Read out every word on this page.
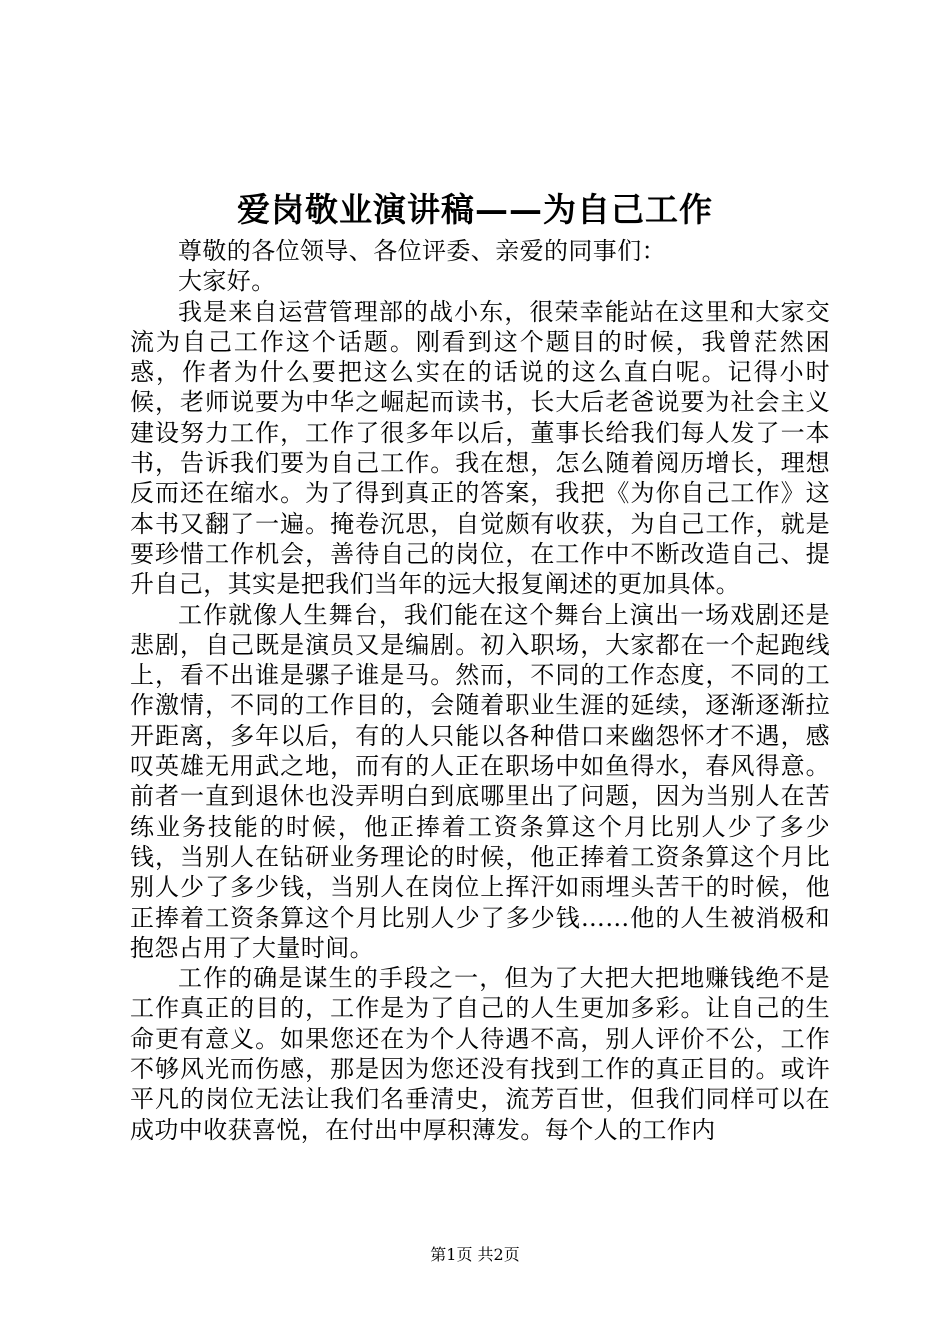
爱岗敬业演讲稿——为自己工作

尊敬的各位领导、各位评委、亲爱的同事们：

大家好。

我是来自运营管理部的战小东，很荣幸能站在这里和大家交流为自己工作这个话题。刚看到这个题目的时候，我曾茫然困惑，作者为什么要把这么实在的话说的这么直白呢。记得小时候，老师说要为中华之崛起而读书，长大后老爸说要为社会主义建设努力工作，工作了很多年以后，董事长给我们每人发了一本书，告诉我们要为自己工作。我在想，怎么随着阅历增长，理想反而还在缩水。为了得到真正的答案，我把《为你自己工作》这本书又翻了一遍。掩卷沉思，自觉颇有收获，为自己工作，就是要珍惜工作机会，善待自己的岗位，在工作中不断改造自己、提升自己，其实是把我们当年的远大报复阐述的更加具体。

工作就像人生舞台，我们能在这个舞台上演出一场戏剧还是悲剧，自己既是演员又是编剧。初入职场，大家都在一个起跑线上，看不出谁是骡子谁是马。然而，不同的工作态度，不同的工作激情，不同的工作目的，会随着职业生涯的延续，逐渐逐渐拉开距离，多年以后，有的人只能以各种借口来幽怨怀才不遇，感叹英雄无用武之地，而有的人正在职场中如鱼得水，春风得意。前者一直到退休也没弄明白到底哪里出了问题，因为当别人在苦练业务技能的时候，他正捧着工资条算这个月比别人少了多少钱，当别人在钻研业务理论的时候，他正捧着工资条算这个月比别人少了多少钱，当别人在岗位上挥汗如雨埋头苦干的时候，他正捧着工资条算这个月比别人少了多少钱……他的人生被消极和抱怨占用了大量时间。

工作的确是谋生的手段之一，但为了大把大把地赚钱绝不是工作真正的目的，工作是为了自己的人生更加多彩。让自己的生命更有意义。如果您还在为个人待遇不高，别人评价不公，工作不够风光而伤感，那是因为您还没有找到工作的真正目的。或许平凡的岗位无法让我们名垂清史，流芳百世，但我们同样可以在成功中收获喜悦，在付出中厚积薄发。每个人的工作内

第1页 共2页
